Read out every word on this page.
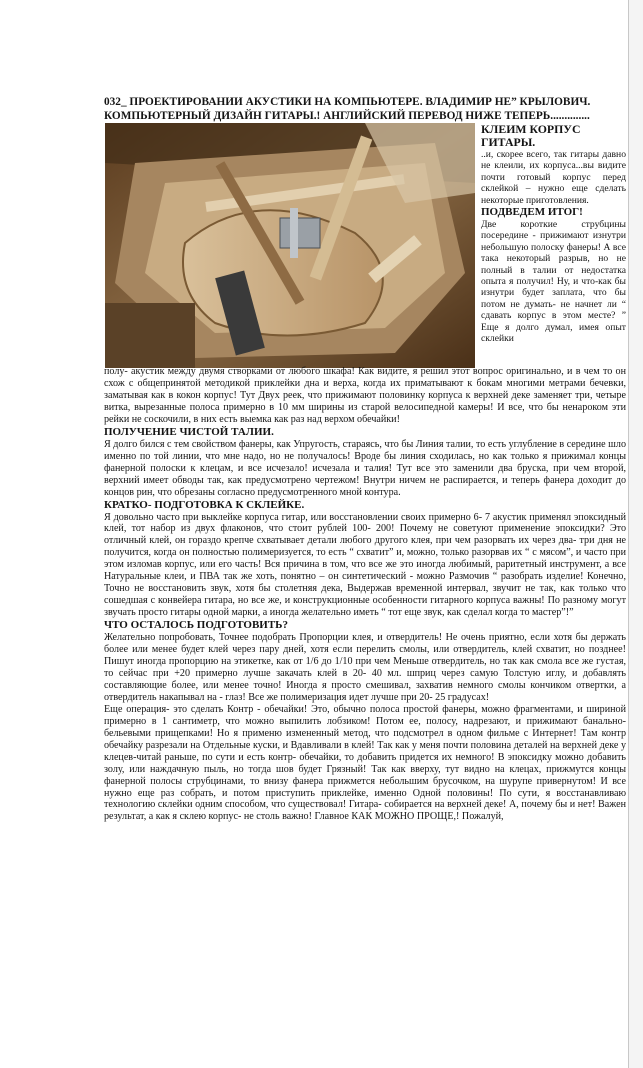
032_ ПРОЕКТИРОВАНИИ АКУСТИКИ НА КОМПЬЮТЕРЕ. ВЛАДИМИР НЕ” КРЫЛОВИЧ.
КОМПЬЮТЕРНЫЙ ДИЗАЙН ГИТАРЫ.! АНГЛИЙСКИЙ ПЕРЕВОД НИЖЕ ТЕПЕРЬ..............
КЛЕИМ КОРПУС ГИТАРЫ.

..и, скорее всего, так гитары давно не клеили, их корпуса...вы видите почти готовый корпус перед склейкой – нужно еще сделать некоторые приготовления.

ПОДВЕДЕМ ИТОГ!

Две короткие струбцины посередине - прижимают изнутри небольшую полоску фанеры! А все така некоторый разрыв, но не полный в талии от недостатка опыта я получил! Ну, и что-как бы изнутри будет заплата, что бы потом не думать- не начнет ли “ сдавать корпус в этом месте? ” Еще я долго думал, имея опыт склейки

полу- акустик между двумя створками от любого шкафа! Как видите, я решил этот вопрос оригинально, и в чем то он схож с общепринятой методикой приклейки дна и верха, когда их приматывают к бокам многими метрами бечевки, заматывая как в кокон корпус! Тут Двух реек, что прижимают половинку корпуса к верхней деке заменяет три, четыре витка, вырезанные полоса примерно в 10 мм ширины из старой велосипедной камеры! И все, что бы ненароком эти рейки не соскочили, в них есть выемка как раз над верхом обечайки!

ПОЛУЧЕНИЕ ЧИСТОЙ ТАЛИИ.

Я долго бился с тем свойством фанеры, как Упругость, стараясь, что бы Линия талии, то есть углубление в середине шло именно по той линии, что мне надо, но не получалось! Вроде бы линия сходилась, но как только я прижимал концы фанерной полоски к клецам, и все исчезало! исчезала и талия! Тут все это заменили два бруска, при чем второй, верхний имеет обводы так, как предусмотрено чертежом! Внутри ничем не распирается, и теперь фанера доходит до концов рин, что обрезаны согласно предусмотренного мной контура.

КРАТКО- ПОДГОТОВКА К СКЛЕЙКЕ.

Я довольно часто при выклейке корпуса гитар, или восстановлении своих примерно 6- 7 акустик применял эпоксидный клей, тот набор из двух флаконов, что стоит рублей 100- 200! Почему не советуют применение эпоксидки? Это отличный клей, он гораздо крепче схватывает детали любого другого клея, при чем разорвать их через два- три дня не получится, когда он полностью полимеризуется, то есть “ схватит” и, можно, только разорвав их “ с мясом”, и часто при этом изломав корпус, или его часть! Вся причина в том, что все же это иногда любимый, раритетный инструмент, а все Натуральные клеи, и ПВА так же хоть, понятно – он синтетический - можно Размочив “ разобрать изделие! Конечно, Точно не восстановить звук, хотя бы столетняя дека, Выдержав временной интервал, звучит не так, как только что сошедшая с конвейера гитара, но все же, и конструкционные особенности гитарного корпуса важны! По разному могут звучать просто гитары одной марки, а иногда желательно иметь “ тот еще звук, как сделал когда то мастер”!”

ЧТО ОСТАЛОСЬ ПОДГОТОВИТЬ?

Желательно попробовать, Точнее подобрать Пропорции клея, и отвердитель! Не очень приятно, если хотя бы держать более или менее будет клей через пару дней, хотя если перелить смолы, или отвердитель, клей схватит, но позднее! Пишут иногда пропорцию на этикетке, как от 1/6 до 1/10 при чем Меньше отвердитель, но так как смола все же густая, то сейчас при +20 примерно лучше закачать клей в 20- 40 мл. шприц через самую Толстую иглу, и добавлять составляющие более, или менее точно! Иногда я просто смешивал, захватив немного смолы кончиком отвертки, а отвердитель накапывал на - глаз! Все же полимеризация идет лучше при 20- 25 градусах!

Еще операция- это сделать Контр - обечайки! Это, обычно полоса простой фанеры, можно фрагментами, и шириной примерно в 1 сантиметр, что можно выпилить лобзиком! Потом ее, полосу, надрезают, и прижимают банально- бельевыми прищепками! Но я применю измененный метод, что подсмотрел в одном фильме с Интернет! Там контр обечайку разрезали на Отдельные куски, и Вдавливали в клей! Так как у меня почти половина деталей на верхней деке у клецев-читай раньше, по сути и есть контр- обечайки, то добавить придется их немного! В эпоксидку можно добавить золу, или наждачную пыль, но тогда шов будет Грязный! Так как вверху, тут видно на клецах, прижмутся концы фанерной полосы струбцинами, то внизу фанера прижмется небольшим брусочком, на шурупе привернутом! И все нужно еще раз собрать, и потом приступить приклейке, именно Одной половины! По сути, я восстанавливаю технологию склейки одним способом, что существовал! Гитара- собирается на верхней деке! А, почему бы и нет! Важен результат, а как я склею корпус- не столь важно! Главное КАК МОЖНО ПРОЩЕ,! Пожалуй,
